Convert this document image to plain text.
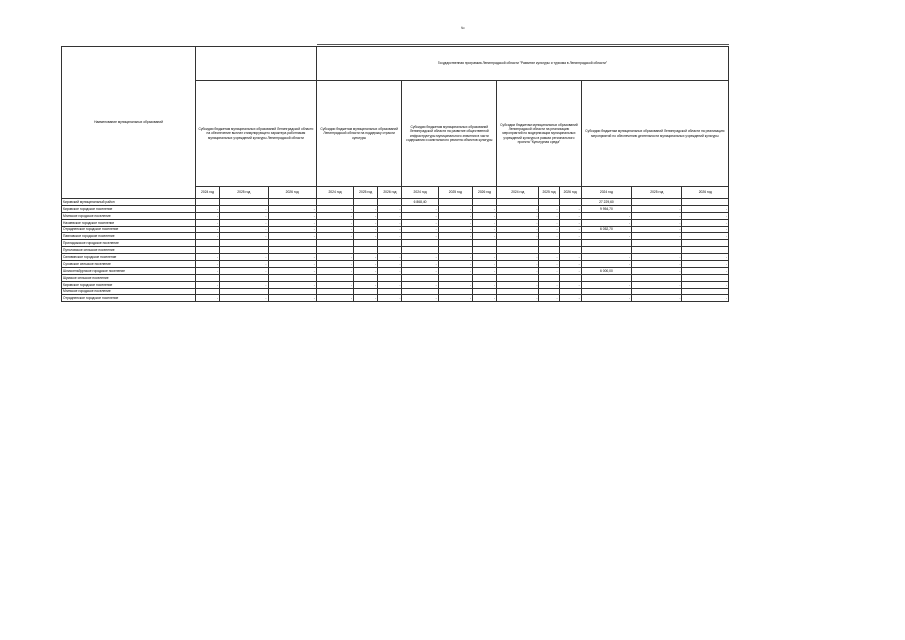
№
Наименование муниципальных образований				Государственная программа Ленинградской области "Развитие культуры и туризма в Ленинградской области"											
	Субсидии бюджетам муниципальных образований Ленинградской области на обеспечение выплат стимулирующего характера работникам муниципальных учреждений культуры Ленинградской области			Субсидии бюджетам муниципальных образований Ленинградской области на поддержку отрасли культуры			Субсидии бюджетам муниципальных образований Ленинградской области на развитие общественной инфраструктуры муниципального значения в части содержания и капитального ремонта объектов культуры			Субсидии бюджетам муниципальных образований Ленинградской области на реализацию мероприятий по модернизации муниципальных учреждений культуры в рамках регионального проекта "Культурная среда"			Субсидии бюджетам муниципальных образований Ленинградской области на реализацию мероприятий по обеспечению деятельности муниципальных учреждений культуры		
	2024 год	2025 год	2026 год	2024 год	2025 год	2026 год	2024 год	2025 год	2026 год	2024 год	2025 год	2026 год	2024 год	2025 год	2026 год
Кировский муниципальный район							6 868,40						27 229,60		
Кировское городское поселение	-	-	-	-	-	-	-	-	-	-	-	-	9 954,70	-	-
Мгинское городское поселение	-	-	-	-	-	-	-	-	-	-	-	-	-	-	-
Назиевское городское поселение	-	-	-	-	-	-	-	-	-	-	-	-	-	-	-
Отрадненское городское поселение	-	-	-	-	-	-	-	-	-	-	-	-	6 052,70	-	-
Павловское городское поселение	-	-	-	-	-	-	-	-	-	-	-	-	-	-	-
Приладожское городское поселение															
Путиловское сельское поселение															
Синявинское городское поселение	-	-	-	-	-	-	-	-	-	-	-	-	-	-	-
Суховское сельское поселение	-	-	-	-	-	-	-	-	-	-	-	-	-	-	-
Шлиссельбургское городское поселение	-	-	-	-	-	-	-	-	-	-	-	-	6 000,00	-	-
Шумское сельское поселение															
Кировское городское поселение	-	-	-	-	-	-	-	-	-	-	-	-	-	-	-
Мгинское городское поселение															
Отрадненское городское поселение	-	-	-	-	-	-	-	-	-	-	-	-	-	-	-
